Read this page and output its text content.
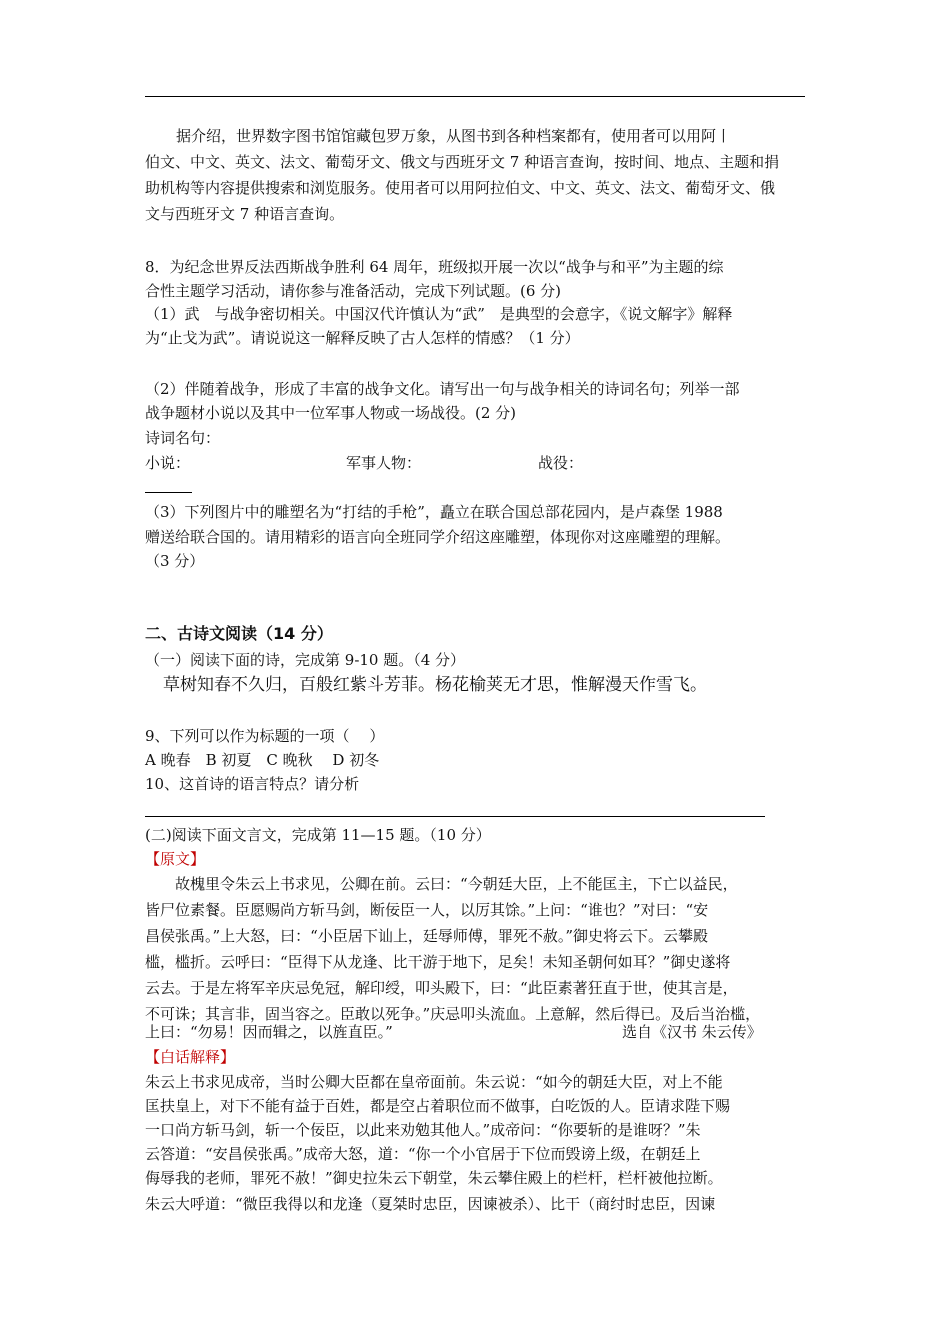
据介绍，世界数字图书馆馆藏包罗万象，从图书到各种档案都有，使用者可以用阿丨
伯文、中文、英文、法文、葡萄牙文、俄文与西班牙文 7 种语言查询，按时间、地点、主题和捐
助机构等内容提供搜索和浏览服务。使用者可以用阿拉伯文、中文、英文、法文、葡萄牙文、俄
文与西班牙文 7 种语言查询。
8．为纪念世界反法西斯战争胜利 64 周年，班级拟开展一次以“战争与和平”为主题的综
合性主题学习活动，请你参与准备活动，完成下列试题。(6 分)
（1）武　与战争密切相关。中国汉代许慎认为“武”　是典型的会意字，《说文解字》解释
为“止戈为武”。请说说这一解释反映了古人怎样的情感？（1 分）
（2）伴随着战争，形成了丰富的战争文化。请写出一句与战争相关的诗词名句；列举一部
战争题材小说以及其中一位军事人物或一场战役。(2 分)
诗词名句：
小说：	军事人物：	战役：
（3）下列图片中的雕塑名为“打结的手枪”，矗立在联合国总部花园内，是卢森堡 1988
赠送给联合国的。请用精彩的语言向全班同学介绍这座雕塑，体现你对这座雕塑的理解。
（3 分）
二、古诗文阅读（14 分）
（一）阅读下面的诗，完成第 9-10 题。（4 分）
草树知春不久归，百般红紫斗芳菲。杨花榆荚无才思，惟解漫天作雪飞。
9、下列可以作为标题的一项（　 ）
A 晚春　B 初夏　C 晚秋　 D 初冬
10、这首诗的语言特点？请分析
(二)阅读下面文言文，完成第 11—15 题。（10 分）
【原文】
　　故槐里令朱云上书求见，公卿在前。云曰：“今朝廷大臣，上不能匡主，下亡以益民，
皆尸位素餐。臣愿赐尚方斩马剑，断佞臣一人，以厉其馀。”上问：“谁也？”对曰：“安
昌侯张禹。”上大怒，曰：“小臣居下讪上，廷辱师傅，罪死不赦。”御史将云下。云攀殿
槛，槛折。云呼曰：“臣得下从龙逢、比干游于地下，足矣！未知圣朝何如耳？”御史遂将
云去。于是左将军辛庆忌免冠，解印绶，叩头殿下，曰：“此臣素著狂直于世，使其言是，
不可诛；其言非，固当容之。臣敢以死争。”庆忌叩头流血。上意解，然后得已。及后当治槛，
上曰：“勿易！因而辑之，以旌直臣。”	选自《汉书 朱云传》
【白话解释】
朱云上书求见成帝，当时公卿大臣都在皇帝面前。朱云说：“如今的朝廷大臣，对上不能
匡扶皇上，对下不能有益于百姓，都是空占着职位而不做事，白吃饭的人。臣请求陛下赐
一口尚方斩马剑，斩一个佞臣，以此来劝勉其他人。”成帝问：“你要斩的是谁呀？”朱
云答道：“安昌侯张禹。”成帝大怒，道：“你一个小官居于下位而毁谤上级，在朝廷上
侮辱我的老师，罪死不赦！”御史拉朱云下朝堂，朱云攀住殿上的栏杆，栏杆被他拉断。
朱云大呼道：“微臣我得以和龙逢（夏桀时忠臣，因谏被杀）、比干（商纣时忠臣，因谏
